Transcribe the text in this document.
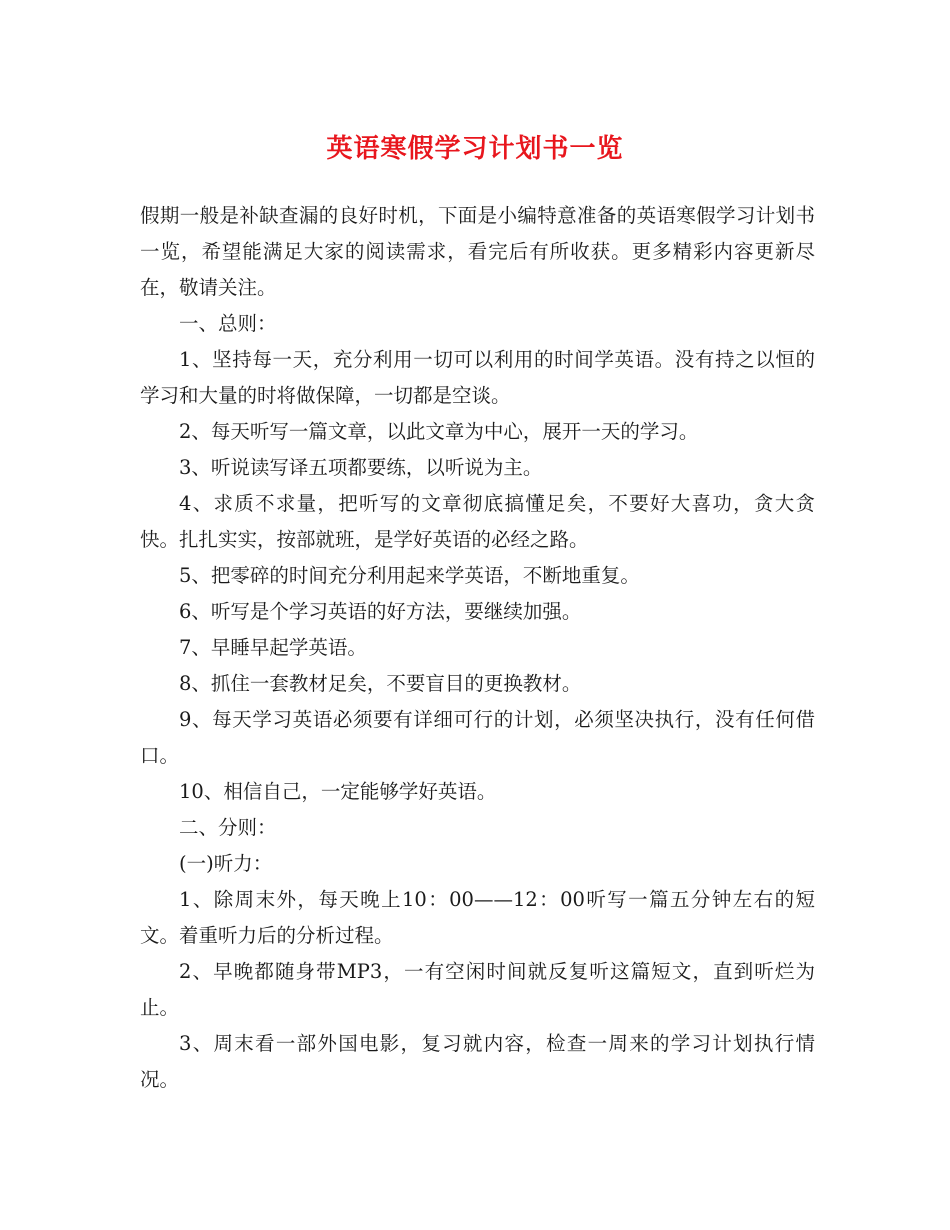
英语寒假学习计划书一览

假期一般是补缺查漏的良好时机，下面是小编特意准备的英语寒假学习计划书一览，希望能满足大家的阅读需求，看完后有所收获。更多精彩内容更新尽在，敬请关注。

一、总则：

1、坚持每一天，充分利用一切可以利用的时间学英语。没有持之以恒的学习和大量的时将做保障，一切都是空谈。

2、每天听写一篇文章，以此文章为中心，展开一天的学习。

3、听说读写译五项都要练，以听说为主。

4、求质不求量，把听写的文章彻底搞懂足矣，不要好大喜功，贪大贪快。扎扎实实，按部就班，是学好英语的必经之路。

5、把零碎的时间充分利用起来学英语，不断地重复。

6、听写是个学习英语的好方法，要继续加强。

7、早睡早起学英语。

8、抓住一套教材足矣，不要盲目的更换教材。

9、每天学习英语必须要有详细可行的计划，必须坚决执行，没有任何借口。

10、相信自己，一定能够学好英语。

二、分则：

(一)听力：

1、除周末外，每天晚上10：00——12：00听写一篇五分钟左右的短文。着重听力后的分析过程。

2、早晚都随身带MP3，一有空闲时间就反复听这篇短文，直到听烂为止。

3、周末看一部外国电影，复习就内容，检查一周来的学习计划执行情况。
